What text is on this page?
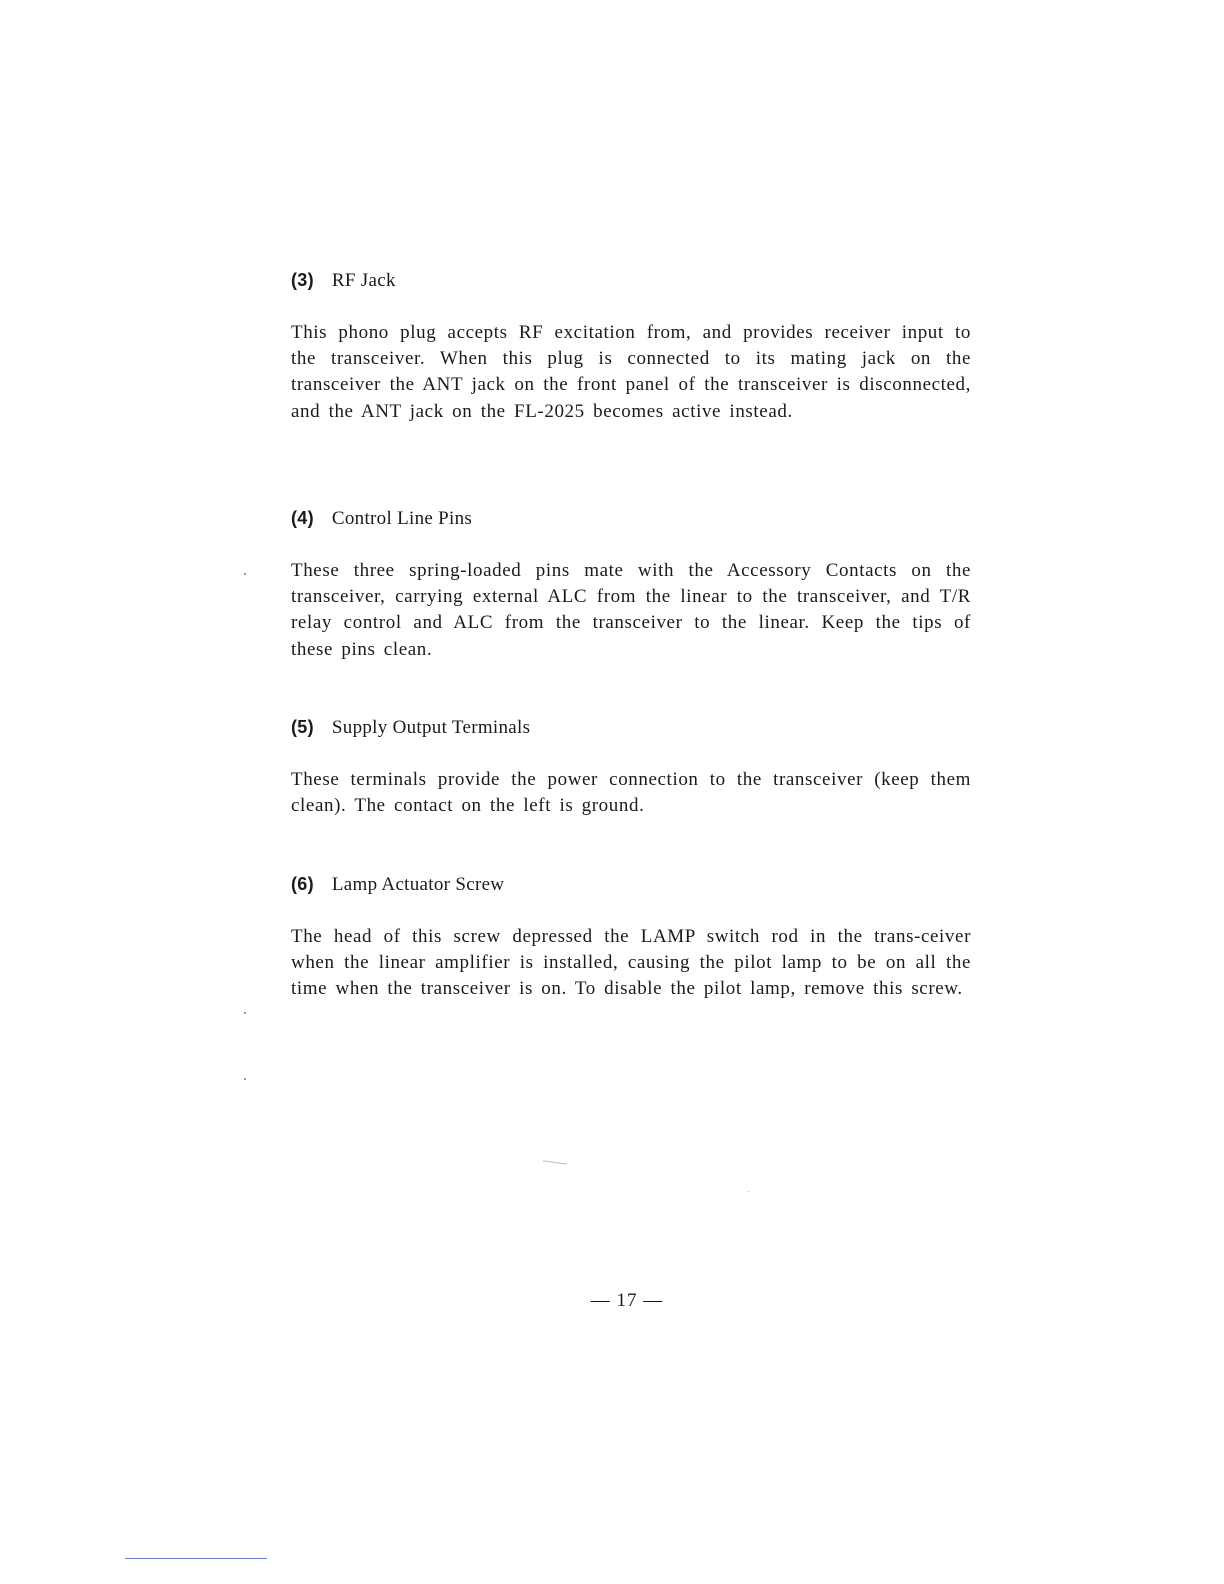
(3) RF Jack

This phono plug accepts RF excitation from, and provides receiver input to the transceiver. When this plug is connected to its mating jack on the transceiver the ANT jack on the front panel of the transceiver is disconnected, and the ANT jack on the FL-2025 becomes active instead.

(4) Control Line Pins

These three spring-loaded pins mate with the Accessory Contacts on the transceiver, carrying external ALC from the linear to the transceiver, and T/R relay control and ALC from the transceiver to the linear. Keep the tips of these pins clean.

(5) Supply Output Terminals

These terminals provide the power connection to the transceiver (keep them clean). The contact on the left is ground.

(6) Lamp Actuator Screw

The head of this screw depressed the LAMP switch rod in the trans-ceiver when the linear amplifier is installed, causing the pilot lamp to be on all the time when the transceiver is on. To disable the pilot lamp, remove this screw.

— 17 —
